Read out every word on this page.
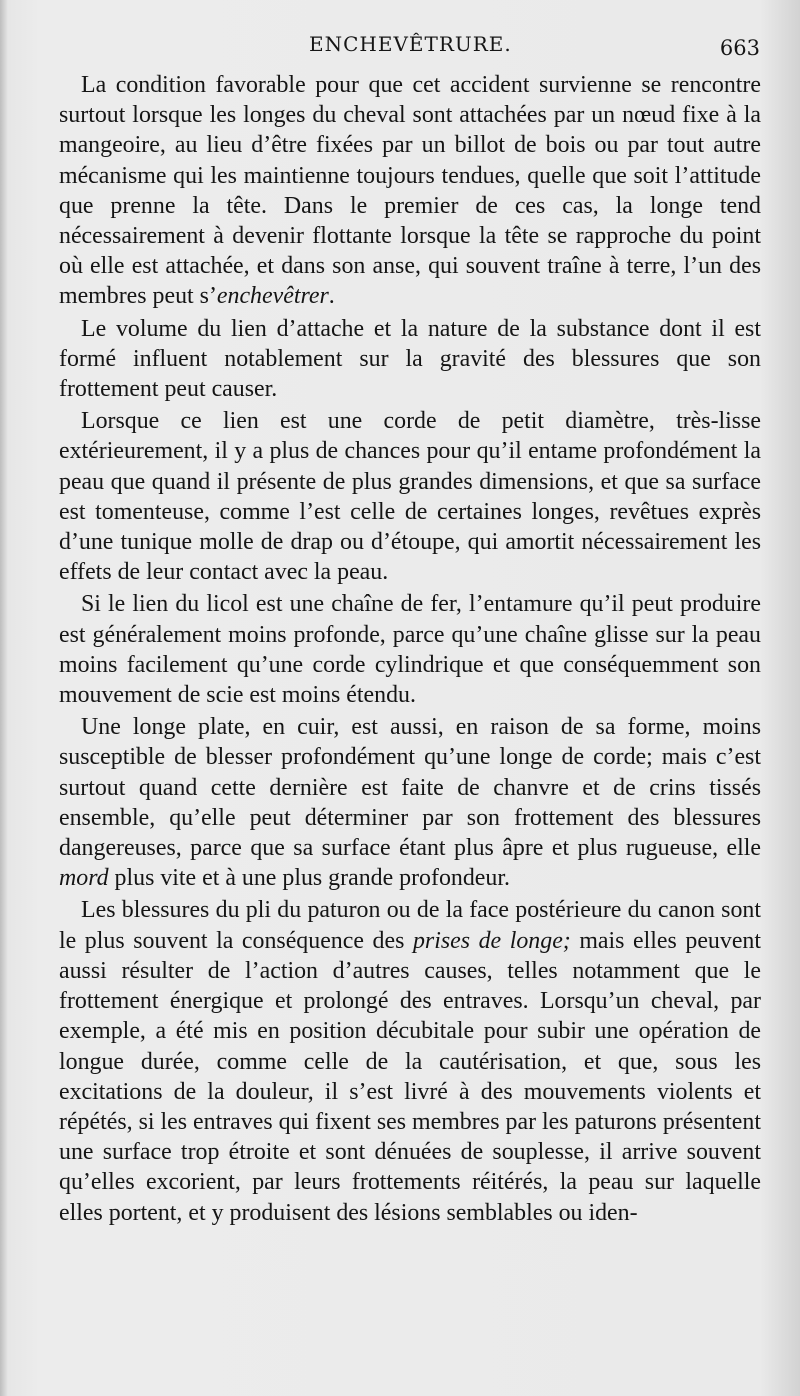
ENCHEVÊTRURE.	663

La condition favorable pour que cet accident survienne se rencontre surtout lorsque les longes du cheval sont attachées par un nœud fixe à la mangeoire, au lieu d’être fixées par un billot de bois ou par tout autre mécanisme qui les maintienne toujours tendues, quelle que soit l’attitude que prenne la tête. Dans le premier de ces cas, la longe tend nécessairement à devenir flottante lorsque la tête se rapproche du point où elle est attachée, et dans son anse, qui souvent traîne à terre, l’un des membres peut s’enchevêtrer.

Le volume du lien d’attache et la nature de la substance dont il est formé influent notablement sur la gravité des blessures que son frottement peut causer.

Lorsque ce lien est une corde de petit diamètre, très-lisse extérieurement, il y a plus de chances pour qu’il entame profondément la peau que quand il présente de plus grandes dimensions, et que sa surface est tomenteuse, comme l’est celle de certaines longes, revêtues exprès d’une tunique molle de drap ou d’étoupe, qui amortit nécessairement les effets de leur contact avec la peau.

Si le lien du licol est une chaîne de fer, l’entamure qu’il peut produire est généralement moins profonde, parce qu’une chaîne glisse sur la peau moins facilement qu’une corde cylindrique et que conséquemment son mouvement de scie est moins étendu.

Une longe plate, en cuir, est aussi, en raison de sa forme, moins susceptible de blesser profondément qu’une longe de corde; mais c’est surtout quand cette dernière est faite de chanvre et de crins tissés ensemble, qu’elle peut déterminer par son frottement des blessures dangereuses, parce que sa surface étant plus âpre et plus rugueuse, elle mord plus vite et à une plus grande profondeur.

Les blessures du pli du paturon ou de la face postérieure du canon sont le plus souvent la conséquence des prises de longe; mais elles peuvent aussi résulter de l’action d’autres causes, telles notamment que le frottement énergique et prolongé des entraves. Lorsqu’un cheval, par exemple, a été mis en position décubitale pour subir une opération de longue durée, comme celle de la cautérisation, et que, sous les excitations de la douleur, il s’est livré à des mouvements violents et répétés, si les entraves qui fixent ses membres par les paturons présentent une surface trop étroite et sont dénuées de souplesse, il arrive souvent qu’elles excorient, par leurs frottements réitérés, la peau sur laquelle elles portent, et y produisent des lésions semblables ou iden-
